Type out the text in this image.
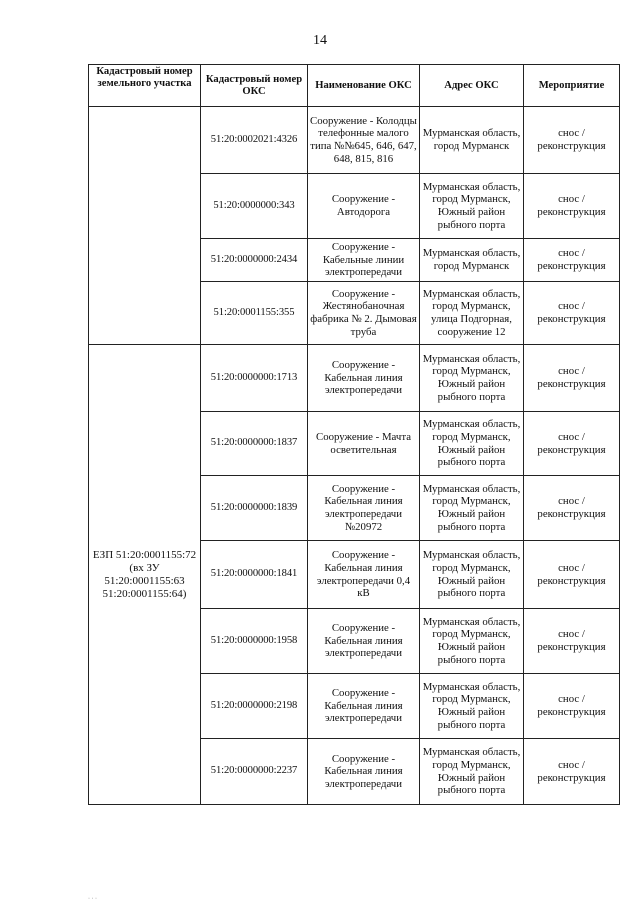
14
Кадастровый номер земельного участка	Кадастровый номер ОКС	Наименование ОКС	Адрес ОКС	Мероприятие
	51:20:0002021:4326	Сооружение - Колодцы телефонные малого типа №№645, 646, 647, 648, 815, 816	Мурманская область, город Мурманск	снос / реконструкция
	51:20:0000000:343	Сооружение - Автодорога	Мурманская область, город Мурманск, Южный район рыбного порта	снос / реконструкция
	51:20:0000000:2434	Сооружение - Кабельные линии электропередачи	Мурманская область, город Мурманск	снос / реконструкция
	51:20:0001155:355	Сооружение - Жестянобаночная фабрика № 2. Дымовая труба	Мурманская область, город Мурманск, улица Подгорная, сооружение 12	снос / реконструкция
ЕЗП 51:20:0001155:72 (вх ЗУ 51:20:0001155:63 51:20:0001155:64)	51:20:0000000:1713	Сооружение - Кабельная линия электропередачи	Мурманская область, город Мурманск, Южный район рыбного порта	снос / реконструкция
	51:20:0000000:1837	Сооружение - Мачта осветительная	Мурманская область, город Мурманск, Южный район рыбного порта	снос / реконструкция
	51:20:0000000:1839	Сооружение - Кабельная линия электропередачи №20972	Мурманская область, город Мурманск, Южный район рыбного порта	снос / реконструкция
	51:20:0000000:1841	Сооружение - Кабельная линия электропередачи 0,4 кВ	Мурманская область, город Мурманск, Южный район рыбного порта	снос / реконструкция
	51:20:0000000:1958	Сооружение - Кабельная линия электропередачи	Мурманская область, город Мурманск, Южный район рыбного порта	снос / реконструкция
	51:20:0000000:2198	Сооружение - Кабельная линия электропередачи	Мурманская область, город Мурманск, Южный район рыбного порта	снос / реконструкция
	51:20:0000000:2237	Сооружение - Кабельная линия электропередачи	Мурманская область, город Мурманск, Южный район рыбного порта	снос / реконструкция
· · ·
